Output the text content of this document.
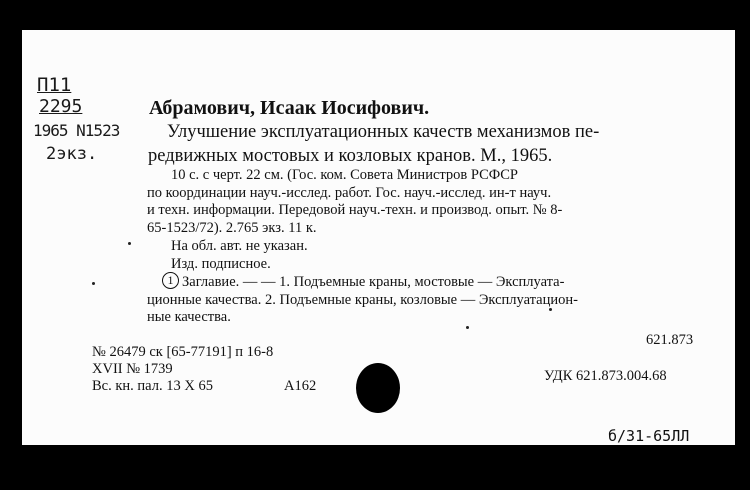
П11
2295
1965 N1523
2экз.
Абрамович, Исаак Иосифович.
Улучшение эксплуатационных качеств механизмов пе-
редвижных мостовых и козловых кранов. М., 1965.
10 с. с черт. 22 см. (Гос. ком. Совета Министров РСФСР
по координации науч.-исслед. работ. Гос. науч.-исслед. ин-т науч.
и техн. информации. Передовой науч.-техн. и производ. опыт. № 8-
65-1523/72). 2.765 экз. 11 к.
На обл. авт. не указан.
Изд. подписное.
1 Заглавие. — — 1. Подъемные краны, мостовые — Эксплуата-
ционные качества. 2. Подъемные краны, козловые — Эксплуатацион-
ные качества.
621.873
№ 26479 ск [65-77191] п 16-8
XVII № 1739
Вс. кн. пал. 13 X 65	А162
УДК 621.873.004.68
б/31-65ЛЛ
